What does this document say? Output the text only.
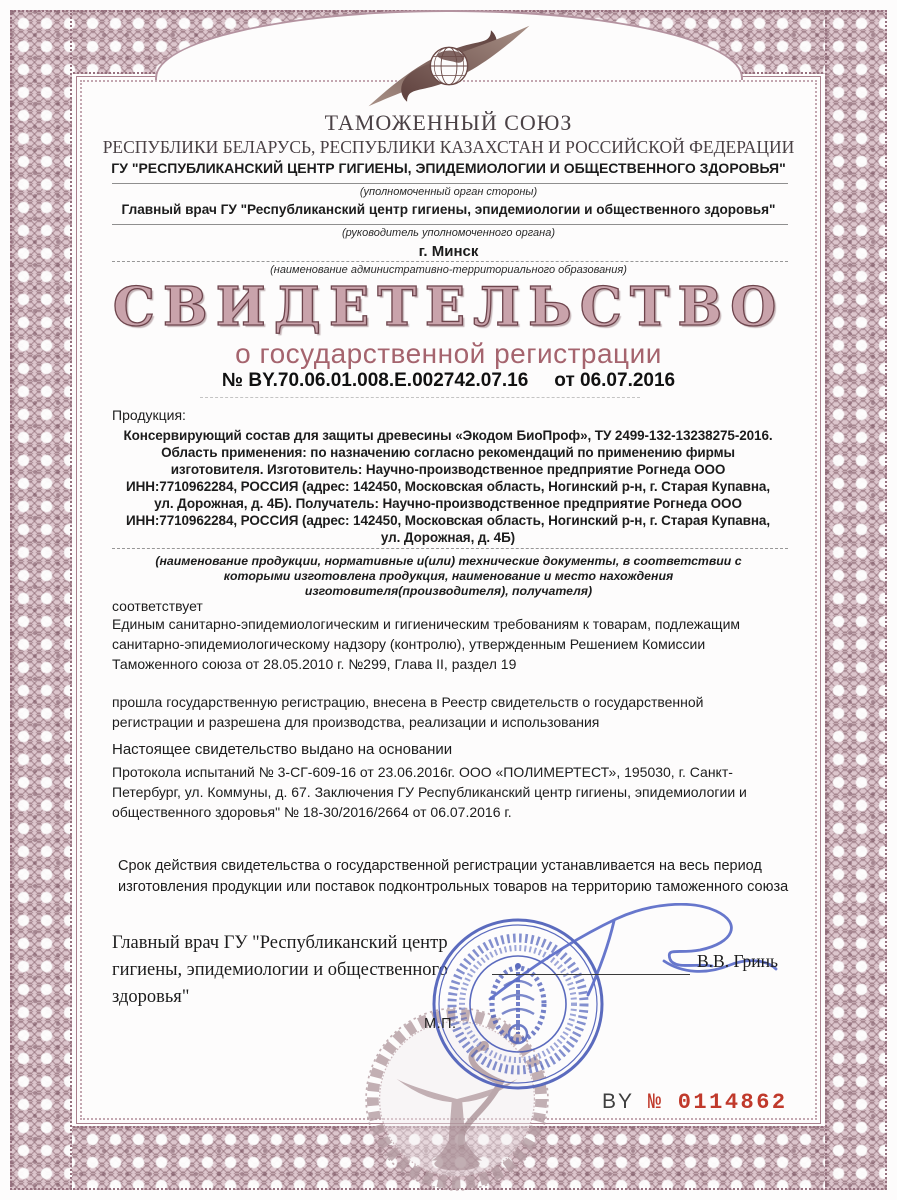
ТАМОЖЕННЫЙ СОЮЗ
РЕСПУБЛИКИ БЕЛАРУСЬ, РЕСПУБЛИКИ КАЗАХСТАН И РОССИЙСКОЙ ФЕДЕРАЦИИ
ГУ "РЕСПУБЛИКАНСКИЙ ЦЕНТР ГИГИЕНЫ, ЭПИДЕМИОЛОГИИ И ОБЩЕСТВЕННОГО ЗДОРОВЬЯ"
(уполномоченный орган стороны)
Главный врач ГУ "Республиканский центр гигиены, эпидемиологии и общественного здоровья"
(руководитель уполномоченного органа)
г. Минск
(наименование административно-территориального образования)
СВИДЕТЕЛЬСТВО
о государственной регистрации
№ BY.70.06.01.008.E.002742.07.16 от 06.07.2016
Продукция:
Консервирующий состав для защиты древесины «Экодом БиоПроф», ТУ 2499-132-13238275-2016.
Область применения: по назначению согласно рекомендаций по применению фирмы
изготовителя. Изготовитель: Научно-производственное предприятие Рогнеда ООО
ИНН:7710962284, РОССИЯ (адрес: 142450, Московская область, Ногинский р-н, г. Старая Купавна,
ул. Дорожная, д. 4Б). Получатель: Научно-производственное предприятие Рогнеда ООО
ИНН:7710962284, РОССИЯ (адрес: 142450, Московская область, Ногинский р-н, г. Старая Купавна,
ул. Дорожная, д. 4Б)
(наименование продукции, нормативные и(или) технические документы, в соответствии с которыми изготовлена продукция, наименование и место нахождения изготовителя(производителя), получателя)
соответствует
Единым санитарно-эпидемиологическим и гигиеническим требованиям к товарам, подлежащим санитарно-эпидемиологическому надзору (контролю), утвержденным Решением Комиссии Таможенного союза от 28.05.2010 г. №299, Глава II, раздел 19
прошла государственную регистрацию, внесена в Реестр свидетельств о государственной регистрации и разрешена для производства, реализации и использования
Настоящее свидетельство выдано на основании
Протокола испытаний № 3-СГ-609-16 от 23.06.2016г. ООО «ПОЛИМЕРТЕСТ», 195030, г. Санкт-Петербург, ул. Коммуны, д. 67. Заключения ГУ Республиканский центр гигиены, эпидемиологии и общественного здоровья" № 18-30/2016/2664 от 06.07.2016 г.
Срок действия свидетельства о государственной регистрации устанавливается на весь период изготовления продукции или поставок подконтрольных товаров на территорию таможенного союза
Главный врач ГУ "Республиканский центр гигиены, эпидемиологии и общественного здоровья"
В.В. Гринь
М.П.
BY № 0114862
